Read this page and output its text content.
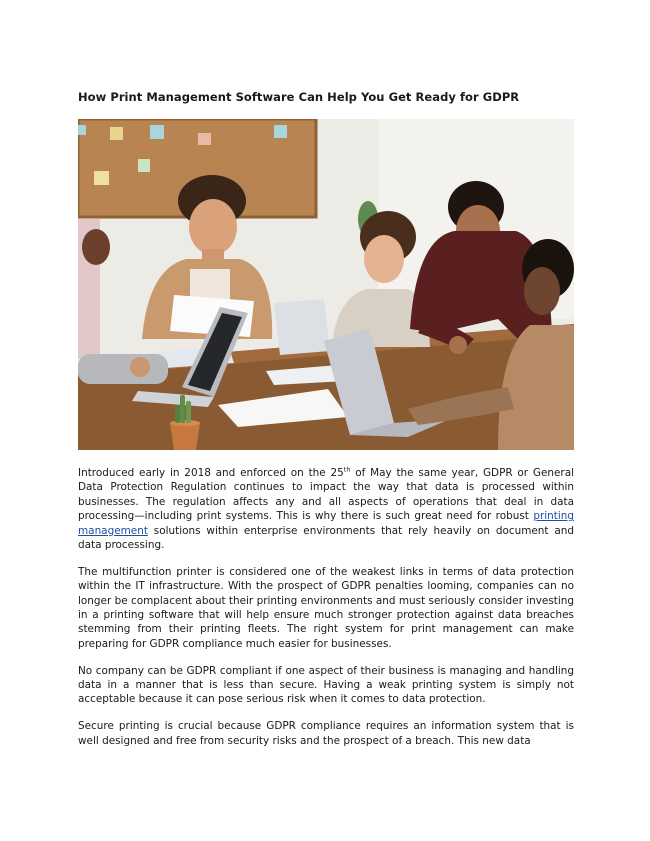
How Print Management Software Can Help You Get Ready for GDPR

Introduced early in 2018 and enforced on the 25th of May the same year, GDPR or General Data Protection Regulation continues to impact the way that data is processed within businesses. The regulation affects any and all aspects of operations that deal in data processing—including print systems. This is why there is such great need for robust printing management solutions within enterprise environments that rely heavily on document and data processing.

The multifunction printer is considered one of the weakest links in terms of data protection within the IT infrastructure. With the prospect of GDPR penalties looming, companies can no longer be complacent about their printing environments and must seriously consider investing in a printing software that will help ensure much stronger protection against data breaches stemming from their printing fleets. The right system for print management can make preparing for GDPR compliance much easier for businesses.

No company can be GDPR compliant if one aspect of their business is managing and handling data in a manner that is less than secure. Having a weak printing system is simply not acceptable because it can pose serious risk when it comes to data protection.

Secure printing is crucial because GDPR compliance requires an information system that is well designed and free from security risks and the prospect of a breach. This new data
